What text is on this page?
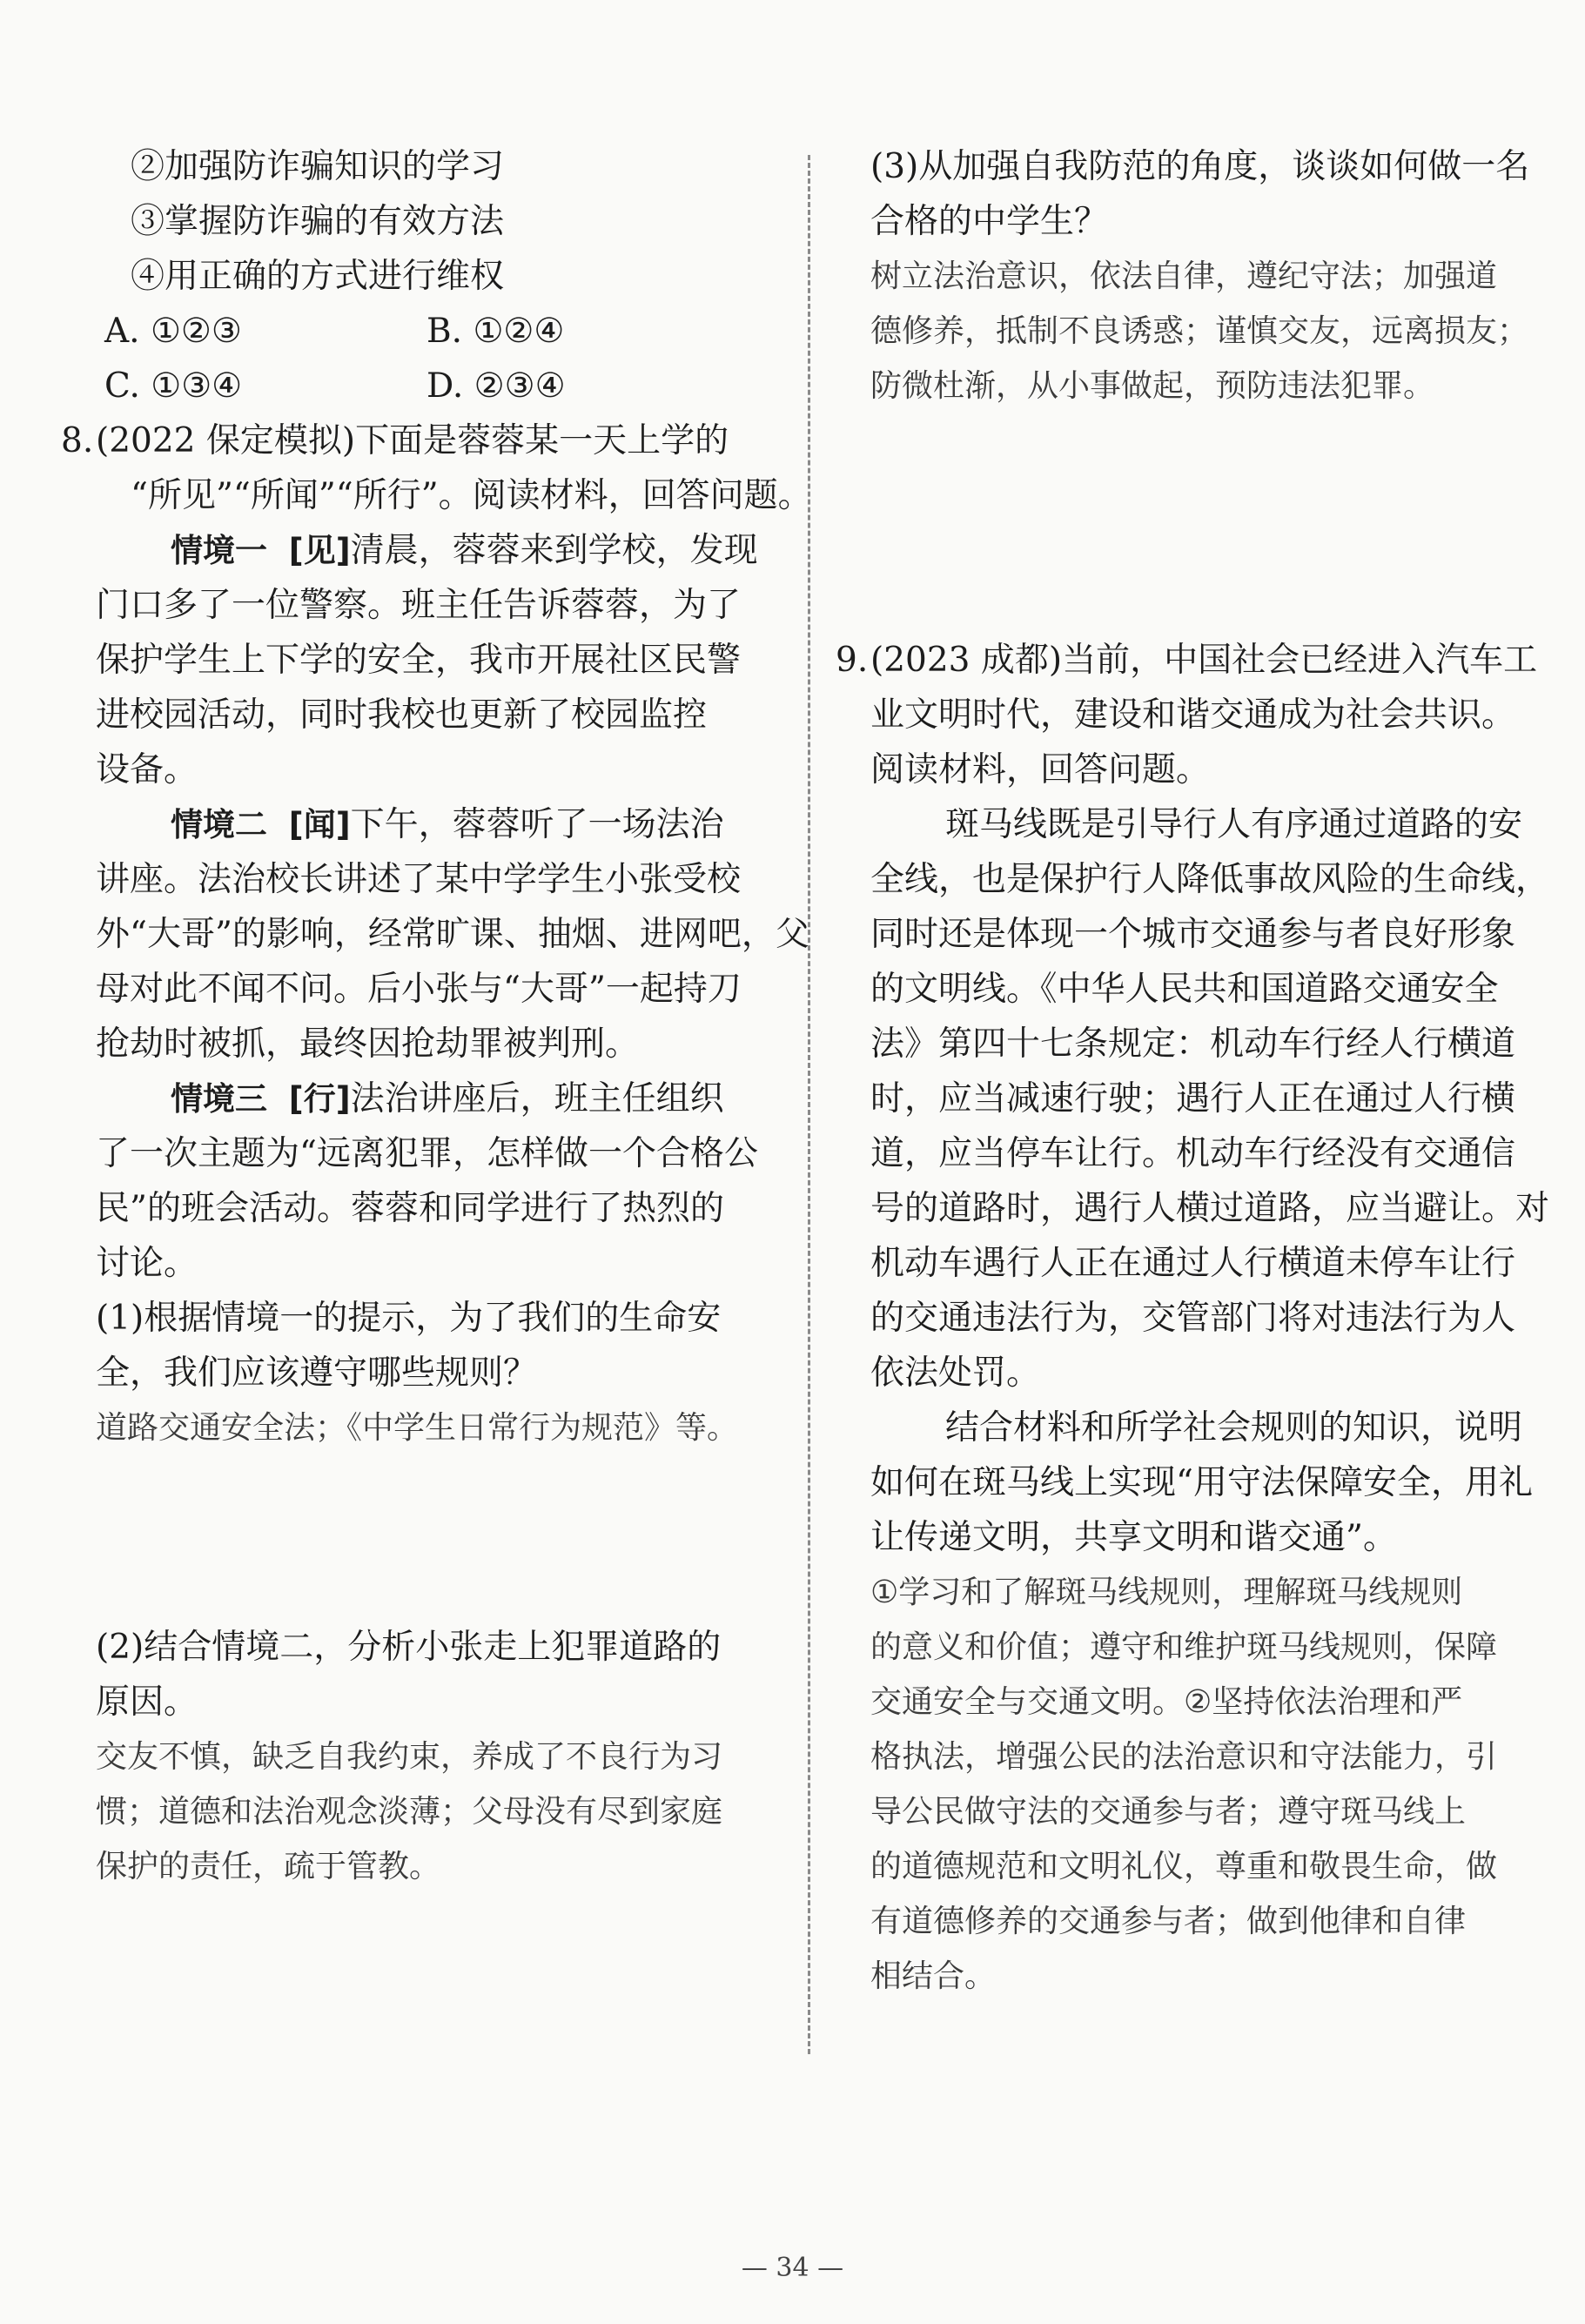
②加强防诈骗知识的学习
③掌握防诈骗的有效方法
④用正确的方式进行维权
A. ①②③	B. ①②④
C. ①③④	D. ②③④
8.(2022 保定模拟)下面是蓉蓉某一天上学的
“所见”“所闻”“所行”。阅读材料，回答问题。
情境一 [见]清晨，蓉蓉来到学校，发现
门口多了一位警察。班主任告诉蓉蓉，为了
保护学生上下学的安全，我市开展社区民警
进校园活动，同时我校也更新了校园监控
设备。
情境二 [闻]下午，蓉蓉听了一场法治
讲座。法治校长讲述了某中学学生小张受校
外“大哥”的影响，经常旷课、抽烟、进网吧，父
母对此不闻不问。后小张与“大哥”一起持刀
抢劫时被抓，最终因抢劫罪被判刑。
情境三 [行]法治讲座后，班主任组织
了一次主题为“远离犯罪，怎样做一个合格公
民”的班会活动。蓉蓉和同学进行了热烈的
讨论。
(1)根据情境一的提示，为了我们的生命安
全，我们应该遵守哪些规则？
道路交通安全法；《中学生日常行为规范》等。
(2)结合情境二，分析小张走上犯罪道路的
原因。
交友不慎，缺乏自我约束，养成了不良行为习
惯；道德和法治观念淡薄；父母没有尽到家庭
保护的责任，疏于管教。
(3)从加强自我防范的角度，谈谈如何做一名
合格的中学生？
树立法治意识，依法自律，遵纪守法；加强道
德修养，抵制不良诱惑；谨慎交友，远离损友；
防微杜渐，从小事做起，预防违法犯罪。
9.(2023 成都)当前，中国社会已经进入汽车工
业文明时代，建设和谐交通成为社会共识。
阅读材料，回答问题。
斑马线既是引导行人有序通过道路的安
全线，也是保护行人降低事故风险的生命线，
同时还是体现一个城市交通参与者良好形象
的文明线。《中华人民共和国道路交通安全
法》第四十七条规定：机动车行经人行横道
时，应当减速行驶；遇行人正在通过人行横
道，应当停车让行。机动车行经没有交通信
号的道路时，遇行人横过道路，应当避让。对
机动车遇行人正在通过人行横道未停车让行
的交通违法行为，交管部门将对违法行为人
依法处罚。
结合材料和所学社会规则的知识，说明
如何在斑马线上实现“用守法保障安全，用礼
让传递文明，共享文明和谐交通”。
①学习和了解斑马线规则，理解斑马线规则
的意义和价值；遵守和维护斑马线规则，保障
交通安全与交通文明。②坚持依法治理和严
格执法，增强公民的法治意识和守法能力，引
导公民做守法的交通参与者；遵守斑马线上
的道德规范和文明礼仪，尊重和敬畏生命，做
有道德修养的交通参与者；做到他律和自律
相结合。
— 34 —
